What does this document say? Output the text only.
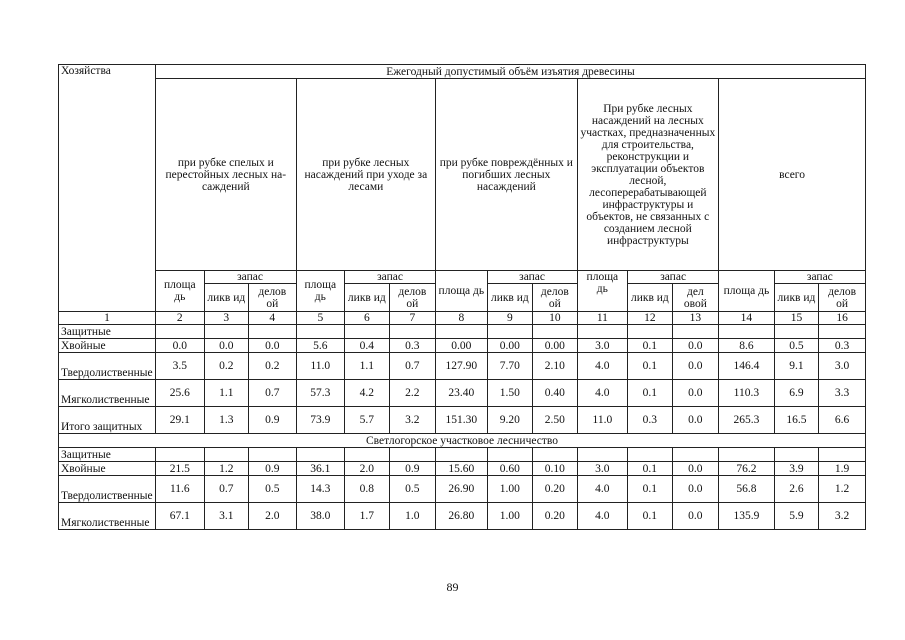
Хозяйства	Ежегодный допустимый объём изъятия древесины														
	при рубке спелых и перестойных лесных на- саждений			при рубке лесных насаждений при уходе за лесами			при рубке повреждённых и погибших лесных насаждений			При рубке лесных насаждений на лесных участках, предназначенных для строительства, реконструкции и эксплуатации объектов лесной, лесоперерабатывающей инфраструктуры и объектов, не связанных с созданием лесной инфраструктуры			всего		
	площа дь	запас		площа дь	запас		площа дь	запас		площа дь	запас		площа дь	запас	
		ликв ид	делов ой		ликв ид	делов ой		ликв ид	делов ой		ликв ид	дел овой		ликв ид	делов ой
1	2	3	4	5	6	7	8	9	10	11	12	13	14	15	16
Защитные															
Хвойные	0.0	0.0	0.0	5.6	0.4	0.3	0.00	0.00	0.00	3.0	0.1	0.0	8.6	0.5	0.3
Твердолиственные	3.5	0.2	0.2	11.0	1.1	0.7	127.90	7.70	2.10	4.0	0.1	0.0	146.4	9.1	3.0
Мягколиственные	25.6	1.1	0.7	57.3	4.2	2.2	23.40	1.50	0.40	4.0	0.1	0.0	110.3	6.9	3.3
Итого защитных	29.1	1.3	0.9	73.9	5.7	3.2	151.30	9.20	2.50	11.0	0.3	0.0	265.3	16.5	6.6
Светлогорское участковое лесничество															
Защитные															
Хвойные	21.5	1.2	0.9	36.1	2.0	0.9	15.60	0.60	0.10	3.0	0.1	0.0	76.2	3.9	1.9
Твердолиственные	11.6	0.7	0.5	14.3	0.8	0.5	26.90	1.00	0.20	4.0	0.1	0.0	56.8	2.6	1.2
Мягколиственные	67.1	3.1	2.0	38.0	1.7	1.0	26.80	1.00	0.20	4.0	0.1	0.0	135.9	5.9	3.2
89
